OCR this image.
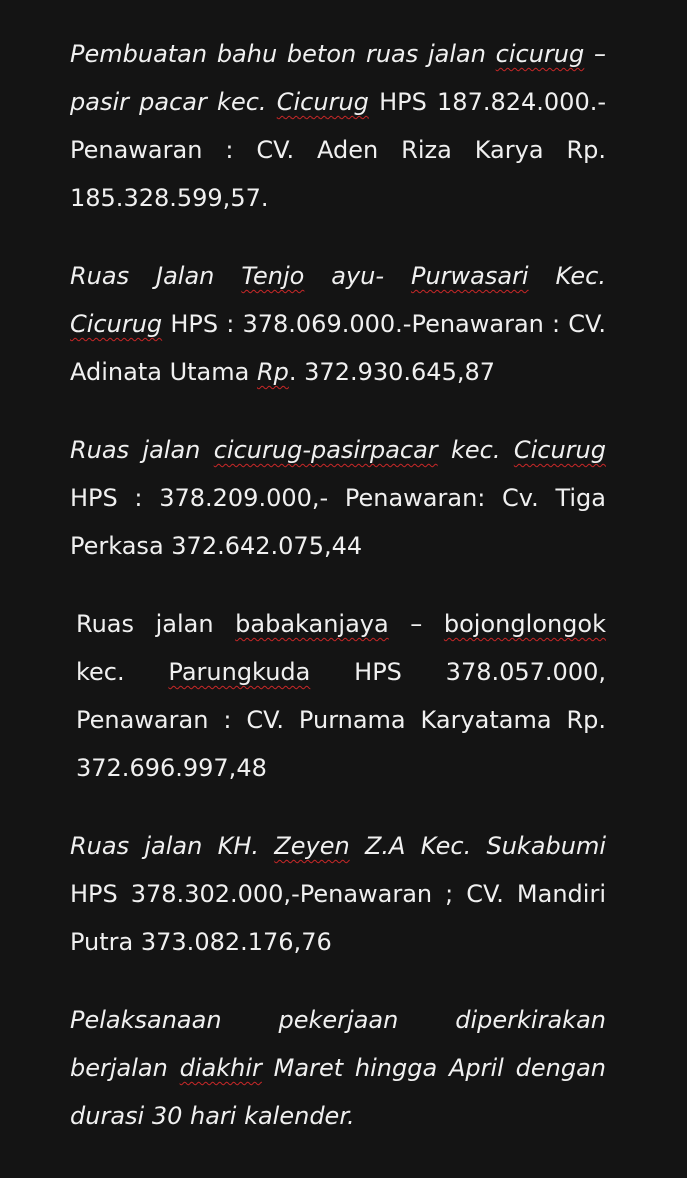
Pembuatan bahu beton ruas jalan cicurug – pasir pacar kec. Cicurug HPS 187.824.000.-Penawaran : CV. Aden Riza Karya Rp. 185.328.599,57.

Ruas Jalan Tenjo ayu- Purwasari Kec. Cicurug HPS : 378.069.000.-Penawaran : CV. Adinata Utama Rp. 372.930.645,87

Ruas jalan cicurug-pasirpacar kec. Cicurug HPS : 378.209.000,- Penawaran: Cv. Tiga Perkasa 372.642.075,44

Ruas jalan babakanjaya – bojonglongok kec. Parungkuda HPS 378.057.000, Penawaran : CV. Purnama Karyatama Rp. 372.696.997,48

Ruas jalan KH. Zeyen Z.A Kec. Sukabumi HPS 378.302.000,-Penawaran ; CV. Mandiri Putra 373.082.176,76

Pelaksanaan pekerjaan diperkirakan berjalan diakhir Maret hingga April dengan durasi 30 hari kalender.
